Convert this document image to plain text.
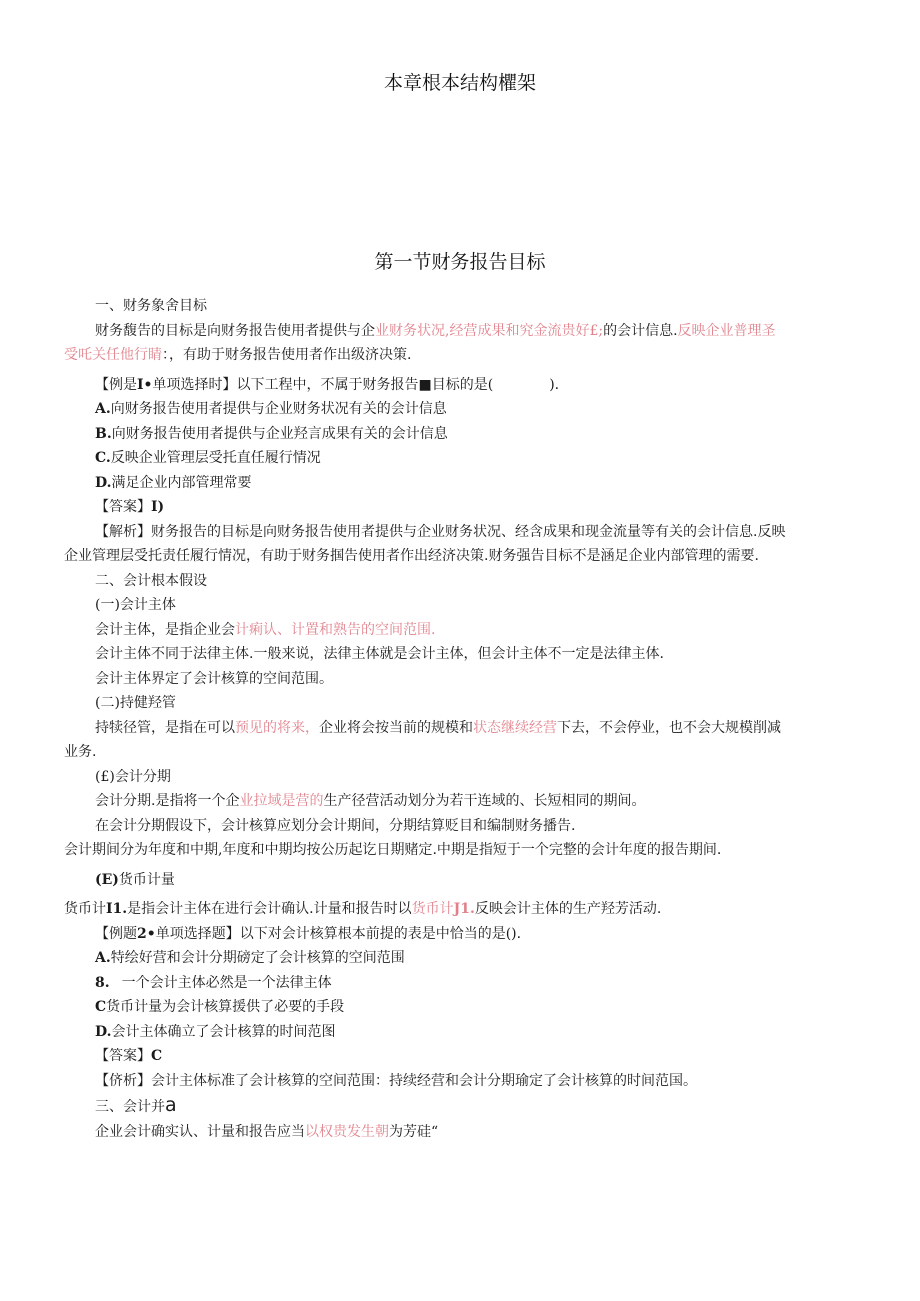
本章根本结构欋架
第一节财务报告目标

一、财务象舍目标

财务馥告的目标是向财务报告使用者提供与企业财务状况,经营成果和究金流贵好£;的会计信息.反映企业普理圣

受吒关任他行睛：，有助于财务报告使用者作出级济决策.

【例是I•单项选择时】以下工程中，不属于财务报告■目标的是(　　　　).

A.向财务报告使用者提供与企业财务状况有关的会计信息

B.向财务报告使用者提供与企业羟言成果有关的会计信息

C.反映企业管理层受托直任履行情况

D.满足企业内部管理常要

【答案】I)

【解析】财务报告的目标是向财务报告使用者提供与企业财务状况、经含成果和现金流量等有关的会计信息.反映

企业管理层受托责任履行情况，有助于财务掴告使用者作出经济决策.财务强告目标不是涵足企业内部管理的需要.

二、会计根本假设

(一)会计主体

会计主体，是指企业会计痢认、计置和熟告的空间范围.

会计主体不同于法律主体.一般来说，法律主体就是会计主体，但会计主体不一定是法律主体.

会计主体界定了会计核算的空间范围。

(二)持健羟管

持犊径管，是指在可以预见的将来，企业将会按当前的规模和状态继续经营下去，不会停业，也不会大规模削减

业务.

(£)会计分期

会计分期.是指将一个企业拉域是营的生产径营活动划分为若干连域的、长短相同的期间。

在会计分期假设下，会计核算应划分会计期间，分期结算贬目和编制财务播告.

会计期间分为年度和中期,年度和中期均按公历起讫日期赌定.中期是指短于一个完整的会计年度的报告期间.

(E)货币计量

货币计I1.是指会计主体在进行会计确认.计量和报告时以货币计J1.反映会计主体的生产羟芳活动.

【例题2•单项选择题】以下对会计核算根本前提的表是中恰当的是().

A.特绘好营和会计分期磅定了会计核算的空间范围

8. 一个会计主体必然是一个法律主体

C货币计量为会计核算援供了必要的手段

D.会计主体确立了会计核算的时间范图

【答案】C

【侪析】会计主体标准了会计核算的空间范围：持续经营和会计分期瑜定了会计核算的时间范国。

三、会计并a

企业会计确实认、计量和报告应当以权贵发生朝为芳硅“
